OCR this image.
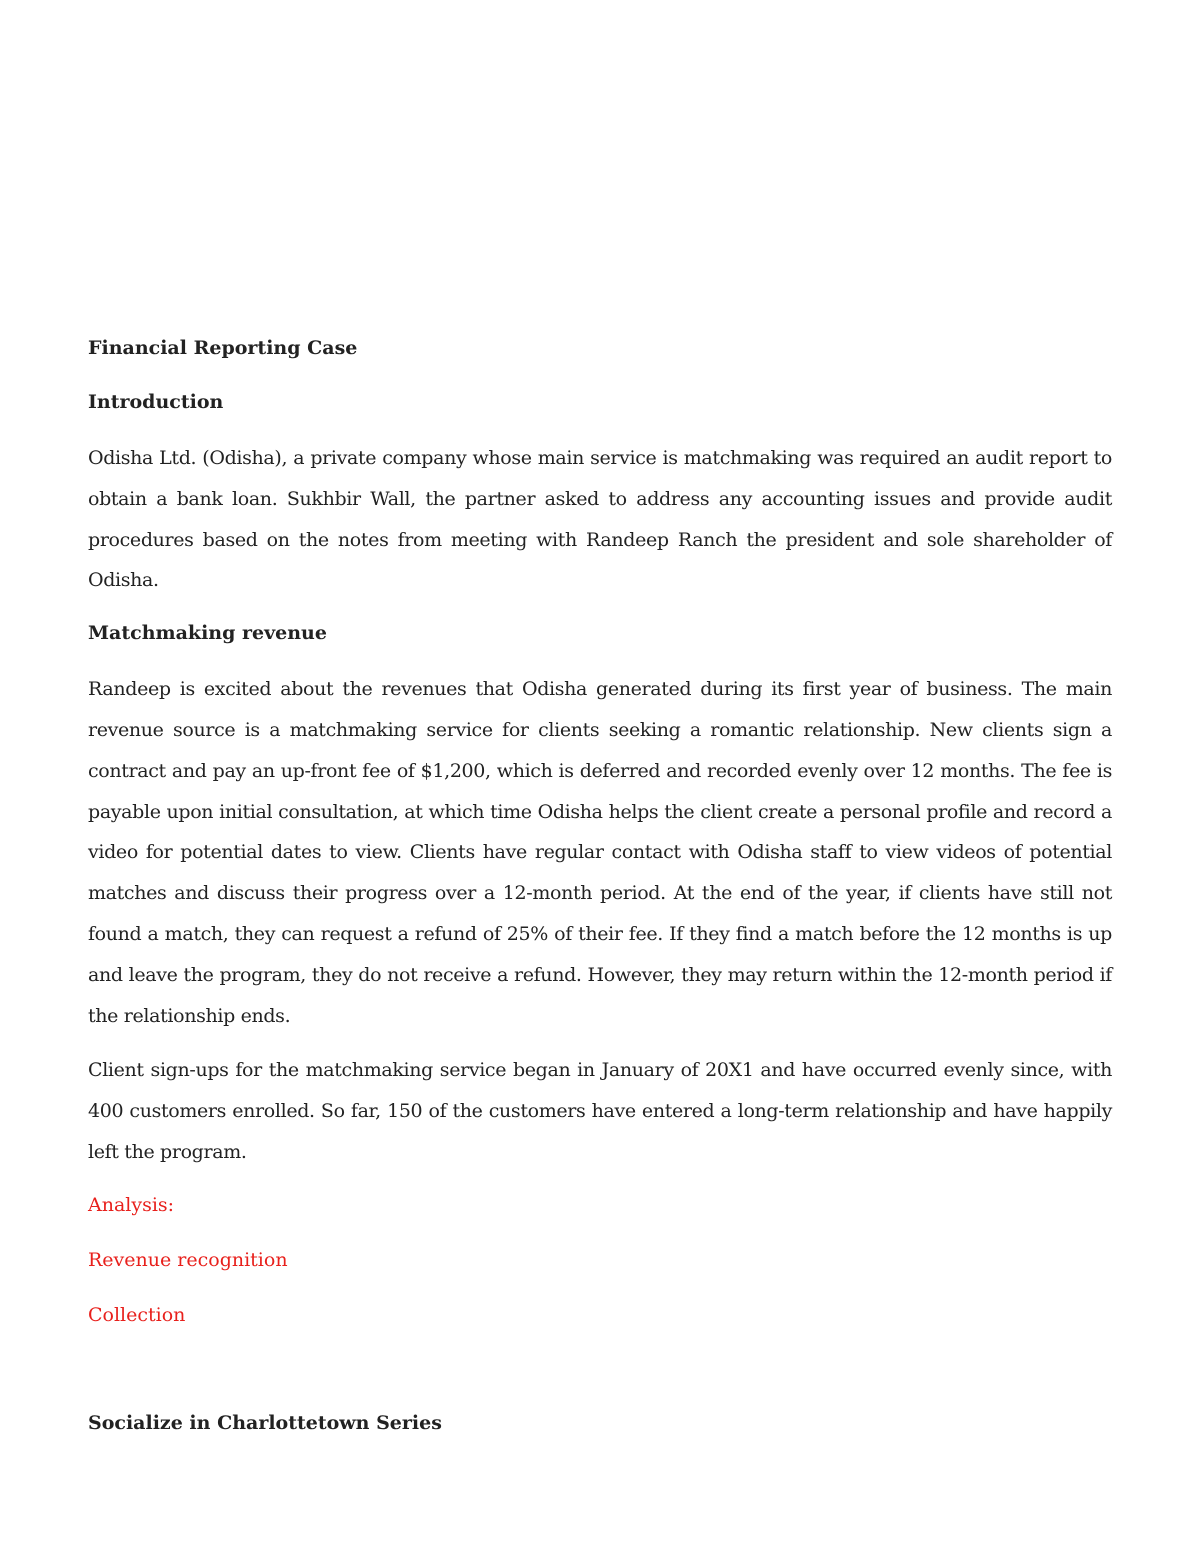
Financial Reporting Case
Introduction
Odisha Ltd. (Odisha), a private company whose main service is matchmaking was required an audit report to obtain a bank loan. Sukhbir Wall, the partner asked to address any accounting issues and provide audit procedures based on the notes from meeting with Randeep Ranch the president and sole shareholder of Odisha.
Matchmaking revenue
Randeep is excited about the revenues that Odisha generated during its first year of business. The main revenue source is a matchmaking service for clients seeking a romantic relationship. New clients sign a contract and pay an up-front fee of $1,200, which is deferred and recorded evenly over 12 months. The fee is payable upon initial consultation, at which time Odisha helps the client create a personal profile and record a video for potential dates to view. Clients have regular contact with Odisha staff to view videos of potential matches and discuss their progress over a 12-month period. At the end of the year, if clients have still not found a match, they can request a refund of 25% of their fee. If they find a match before the 12 months is up and leave the program, they do not receive a refund. However, they may return within the 12-month period if the relationship ends.
Client sign-ups for the matchmaking service began in January of 20X1 and have occurred evenly since, with 400 customers enrolled. So far, 150 of the customers have entered a long-term relationship and have happily left the program.
Analysis:
Revenue recognition
Collection
Socialize in Charlottetown Series
